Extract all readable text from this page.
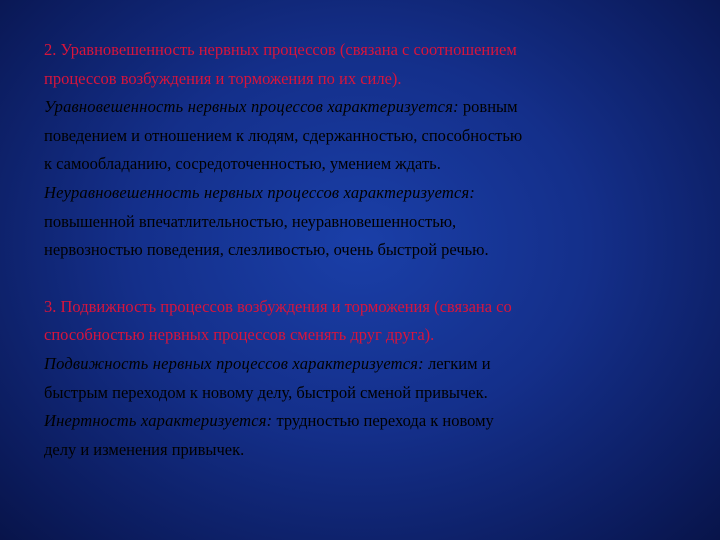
2. Уравновешенность нервных процессов (связана с соотношением
процессов возбуждения и торможения по их силе).
Уравновешенность нервных процессов характеризуется: ровным
поведением и отношением к людям, сдержанностью, способностью
к самообладанию, сосредоточенностью, умением ждать.
Неуравновешенность нервных процессов характеризуется:
повышенной впечатлительностью, неуравновешенностью,
нервозностью поведения, слезливостью, очень быстрой речью.
3. Подвижность процессов возбуждения и торможения (связана со
способностью нервных процессов сменять друг друга).
Подвижность нервных процессов характеризуется: легким и
быстрым переходом к новому делу, быстрой сменой привычек.
Инертность характеризуется: трудностью перехода к новому
делу и изменения привычек.
